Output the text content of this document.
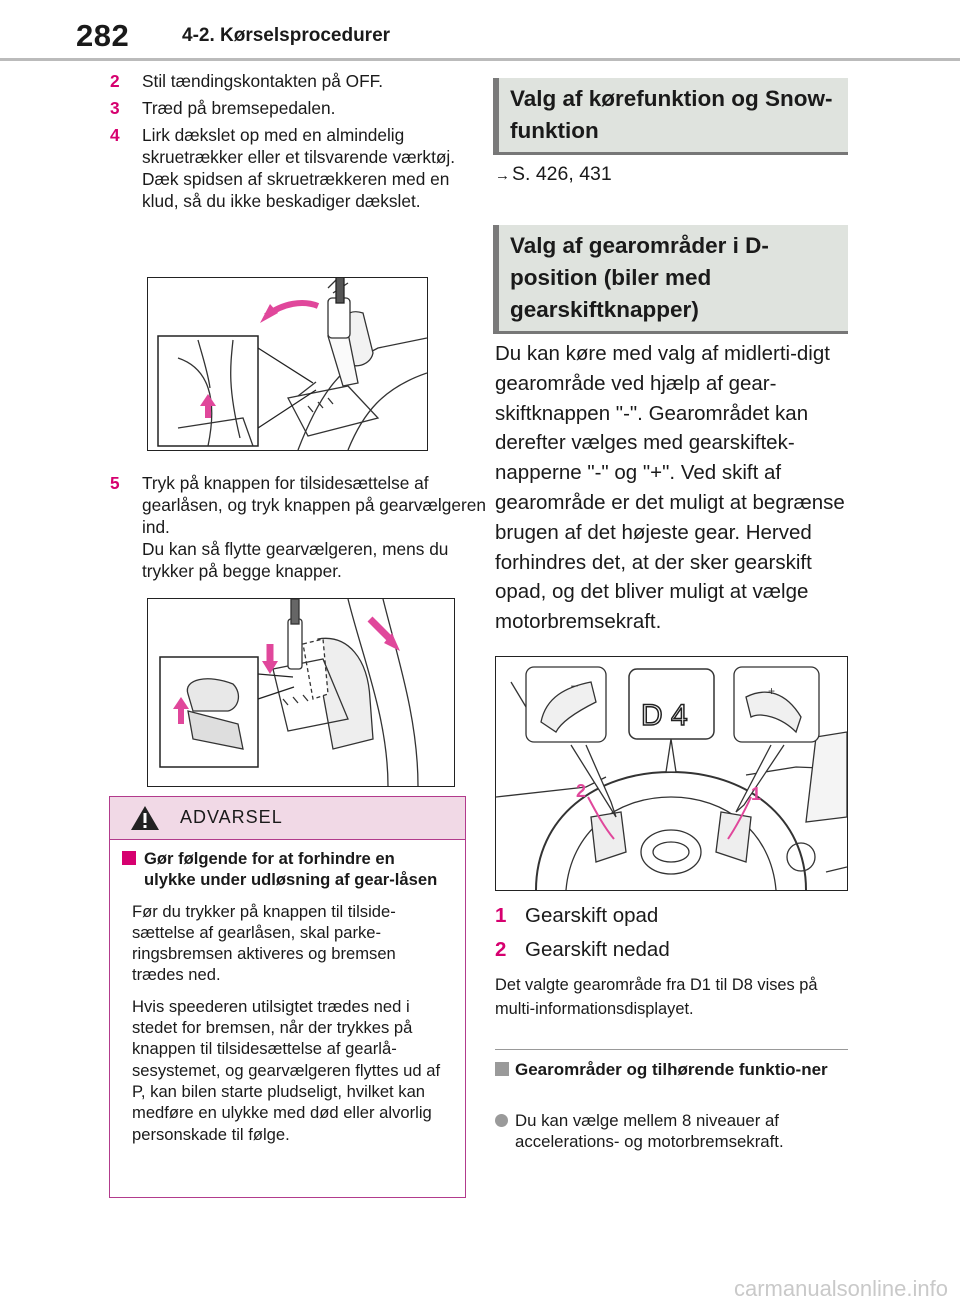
282	4-2. Kørselsprocedurer
2 Stil tændingskontakten på OFF.
3 Træd på bremsepedalen.
4 Lirk dækslet op med en almindelig skruetrækker eller et tilsvarende værktøj.
Dæk spidsen af skruetrækkeren med en klud, så du ikke beskadiger dækslet.
5 Tryk på knappen for tilsidesættelse af gearlåsen, og tryk knappen på gearvælgeren ind.
Du kan så flytte gearvælgeren, mens du trykker på begge knapper.
ADVARSEL
Gør følgende for at forhindre en ulykke under udløsning af gear-låsen

Før du trykker på knappen til tilside-sættelse af gearlåsen, skal parke-ringsbremsen aktiveres og bremsen trædes ned.

Hvis speederen utilsigtet trædes ned i stedet for bremsen, når der trykkes på knappen til tilsidesættelse af gearlå-sesystemet, og gearvælgeren flyttes ud af P, kan bilen starte pludseligt, hvilket kan medføre en ulykke med død eller alvorlig personskade til følge.

Valg af kørefunktion og Snow-funktion
→ S. 426, 431
Valg af gearområder i D-position (biler med gearskiftknapper)
Du kan køre med valg af midlerti-digt gearområde ved hjælp af gear-skiftknappen "-". Gearområdet kan derefter vælges med gearskiftek-napperne "-" og "+". Ved skift af gearområde er det muligt at begrænse brugen af det højeste gear. Herved forhindres det, at der sker gearskift opad, og det bliver muligt at vælge motorbremsekraft.
–	+
D 4
2	1
1 Gearskift opad
2 Gearskift nedad
Det valgte gearområde fra D1 til D8 vises på multi-informationsdisplayet.
Gearområder og tilhørende funktio-ner
Du kan vælge mellem 8 niveauer af accelerations- og motorbremsekraft.
carmanualsonline.info
